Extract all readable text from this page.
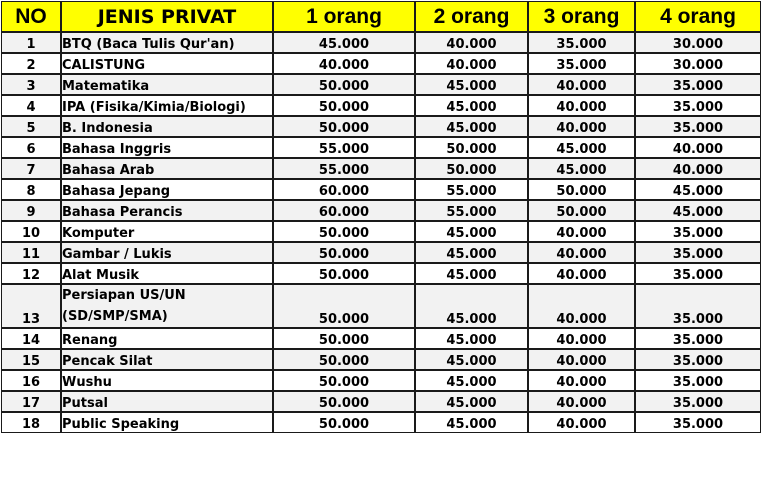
NO	JENIS PRIVAT	1 orang	2 orang	3 orang	4 orang
1	BTQ (Baca Tulis Qur'an)	45.000	40.000	35.000	30.000
2	CALISTUNG	40.000	40.000	35.000	30.000
3	Matematika	50.000	45.000	40.000	35.000
4	IPA (Fisika/Kimia/Biologi)	50.000	45.000	40.000	35.000
5	B. Indonesia	50.000	45.000	40.000	35.000
6	Bahasa Inggris	55.000	50.000	45.000	40.000
7	Bahasa Arab	55.000	50.000	45.000	40.000
8	Bahasa Jepang	60.000	55.000	50.000	45.000
9	Bahasa Perancis	60.000	55.000	50.000	45.000
10	Komputer	50.000	45.000	40.000	35.000
11	Gambar / Lukis	50.000	45.000	40.000	35.000
12	Alat Musik	50.000	45.000	40.000	35.000
13	Persiapan US/UN (SD/SMP/SMA)	50.000	45.000	40.000	35.000
14	Renang	50.000	45.000	40.000	35.000
15	Pencak Silat	50.000	45.000	40.000	35.000
16	Wushu	50.000	45.000	40.000	35.000
17	Putsal	50.000	45.000	40.000	35.000
18	Public Speaking	50.000	45.000	40.000	35.000
